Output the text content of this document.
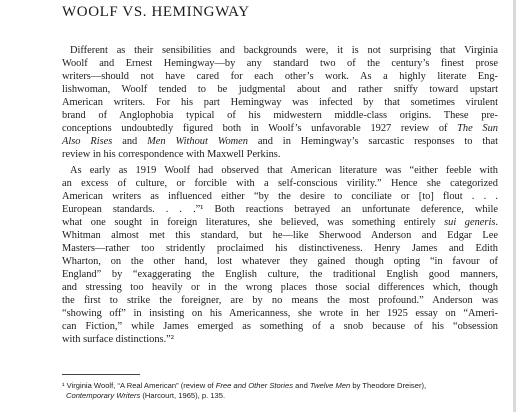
WOOLF VS. HEMINGWAY
Different as their sensibilities and backgrounds were, it is not surprising that Virginia
Woolf and Ernest Hemingway—by any standard two of the century’s finest prose
writers—should not have cared for each other’s work. As a highly literate Eng-
lishwoman, Woolf tended to be judgmental about and rather sniffy toward upstart
American writers. For his part Hemingway was infected by that sometimes virulent
brand of Anglophobia typical of his midwestern middle-class origins. These pre-
conceptions undoubtedly figured both in Woolf’s unfavorable 1927 review of The Sun
Also Rises and Men Without Women and in Hemingway’s sarcastic responses to that
review in his correspondence with Maxwell Perkins.
As early as 1919 Woolf had observed that American literature was “either feeble with
an excess of culture, or forcible with a self-conscious virility.” Hence she categorized
American writers as influenced either “by the desire to conciliate or [to] flout . . .
European standards. . . .”¹ Both reactions betrayed an unfortunate deference, while
what one sought in foreign literatures, she believed, was something entirely sui generis.
Whitman almost met this standard, but he—like Sherwood Anderson and Edgar Lee
Masters—rather too stridently proclaimed his distinctiveness. Henry James and Edith
Wharton, on the other hand, lost whatever they gained though opting “in favour of
England” by “exaggerating the English culture, the traditional English good manners,
and stressing too heavily or in the wrong places those social differences which, though
the first to strike the foreigner, are by no means the most profound.” Anderson was
“showing off” in insisting on his Americanness, she wrote in her 1925 essay on “Ameri-
can Fiction,” while James emerged as something of a snob because of his “obsession
with surface distinctions.”²
¹ Virginia Woolf, “A Real American” (review of Free and Other Stories and Twelve Men by Theodore Dreiser),
Contemporary Writers (Harcourt, 1965), p. 135.
